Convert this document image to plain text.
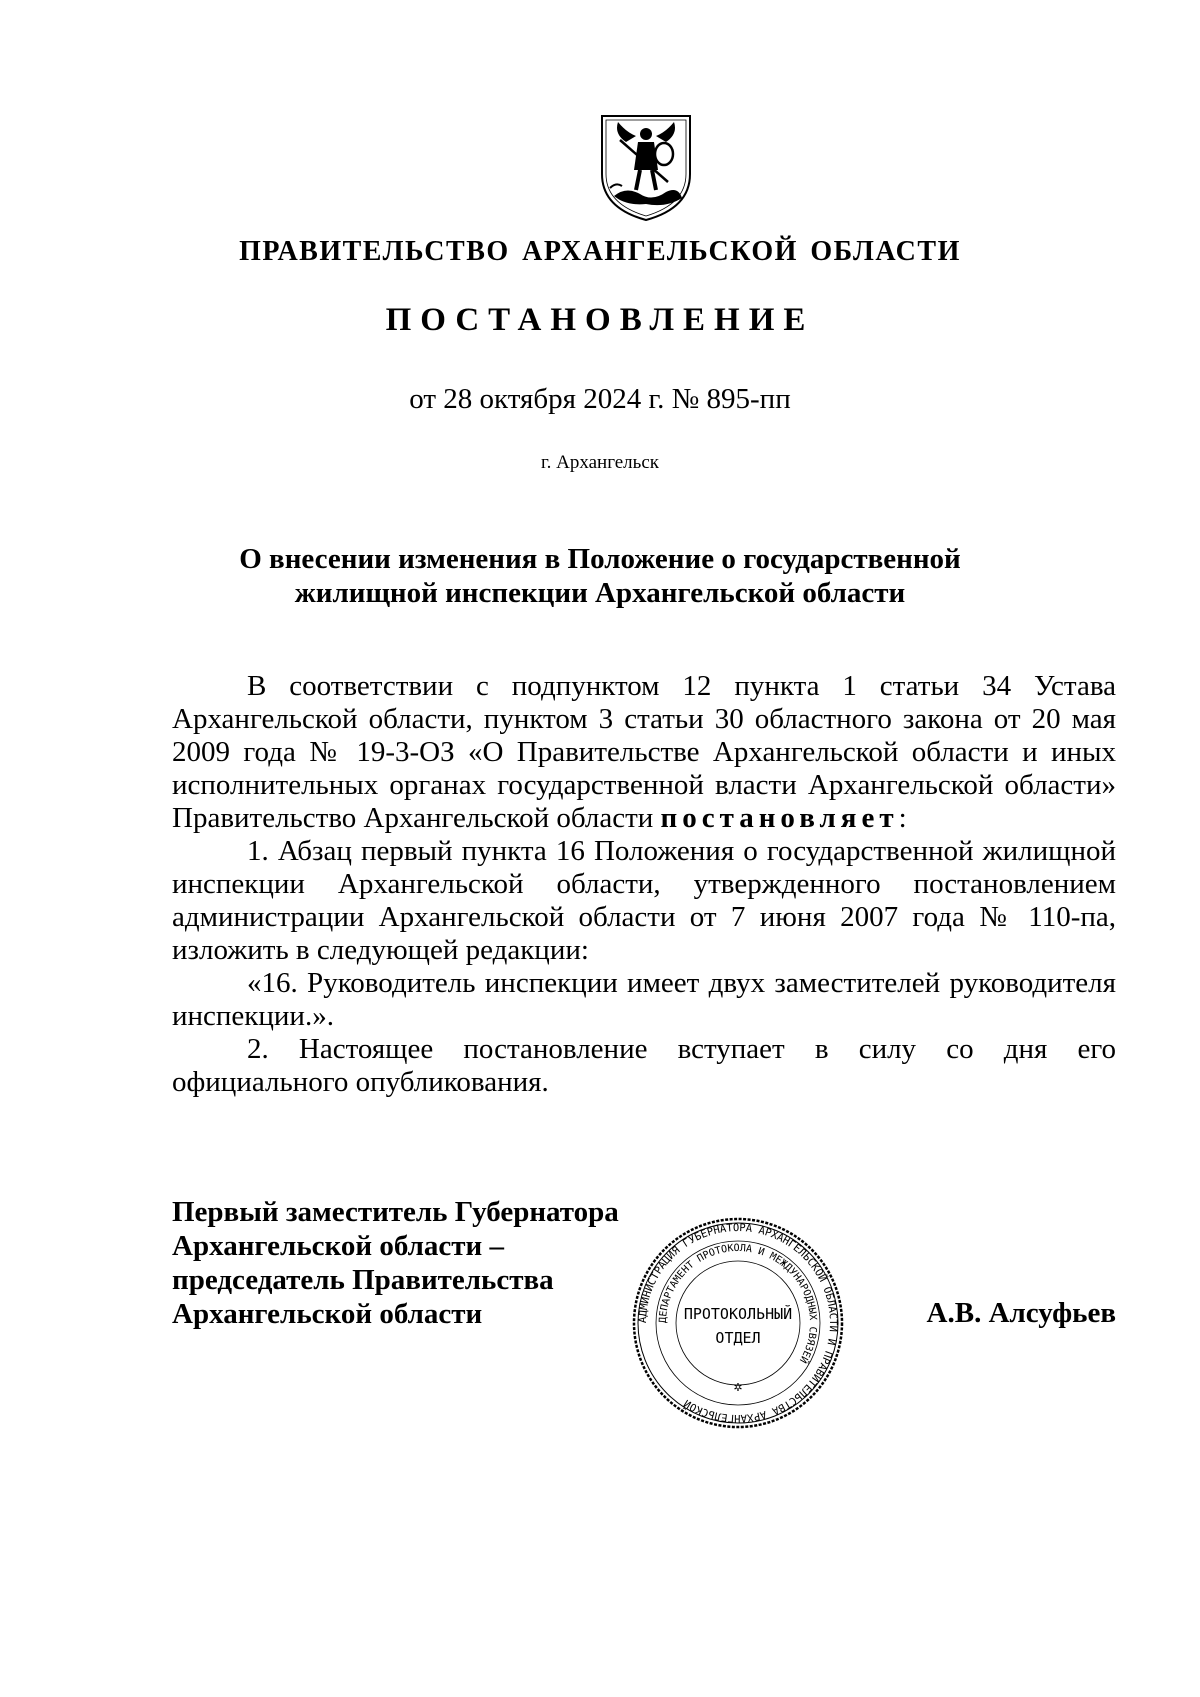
ПРАВИТЕЛЬСТВО АРХАНГЕЛЬСКОЙ ОБЛАСТИ
ПОСТАНОВЛЕНИЕ
от 28 октября 2024 г. № 895-пп
г. Архангельск
О внесении изменения в Положение о государственной
жилищной инспекции Архангельской области

В соответствии с подпунктом 12 пункта 1 статьи 34 Устава Архангельской области, пунктом 3 статьи 30 областного закона от 20 мая 2009 года № 19-3-ОЗ «О Правительстве Архангельской области и иных исполнительных органах государственной власти Архангельской области» Правительство Архангельской области постановляет:

1. Абзац первый пункта 16 Положения о государственной жилищной инспекции Архангельской области, утвержденного постановлением администрации Архангельской области от 7 июня 2007 года № 110-па, изложить в следующей редакции:

«16. Руководитель инспекции имеет двух заместителей руководителя инспекции.».

2. Настоящее постановление вступает в силу со дня его официального опубликования.

Первый заместитель Губернатора
Архангельской области –
председатель Правительства
Архангельской области	А.В. Алсуфьев
АДМИНИСТРАЦИЯ ГУБЕРНАТОРА АРХАНГЕЛЬСКОЙ ОБЛАСТИ И ПРАВИТЕЛЬСТВА АРХАНГЕЛЬСКОЙ
ДЕПАРТАМЕНТ ПРОТОКОЛА И МЕЖДУНАРОДНЫХ СВЯЗЕЙ
ПРОТОКОЛЬНЫЙ
ОТДЕЛ
✲
